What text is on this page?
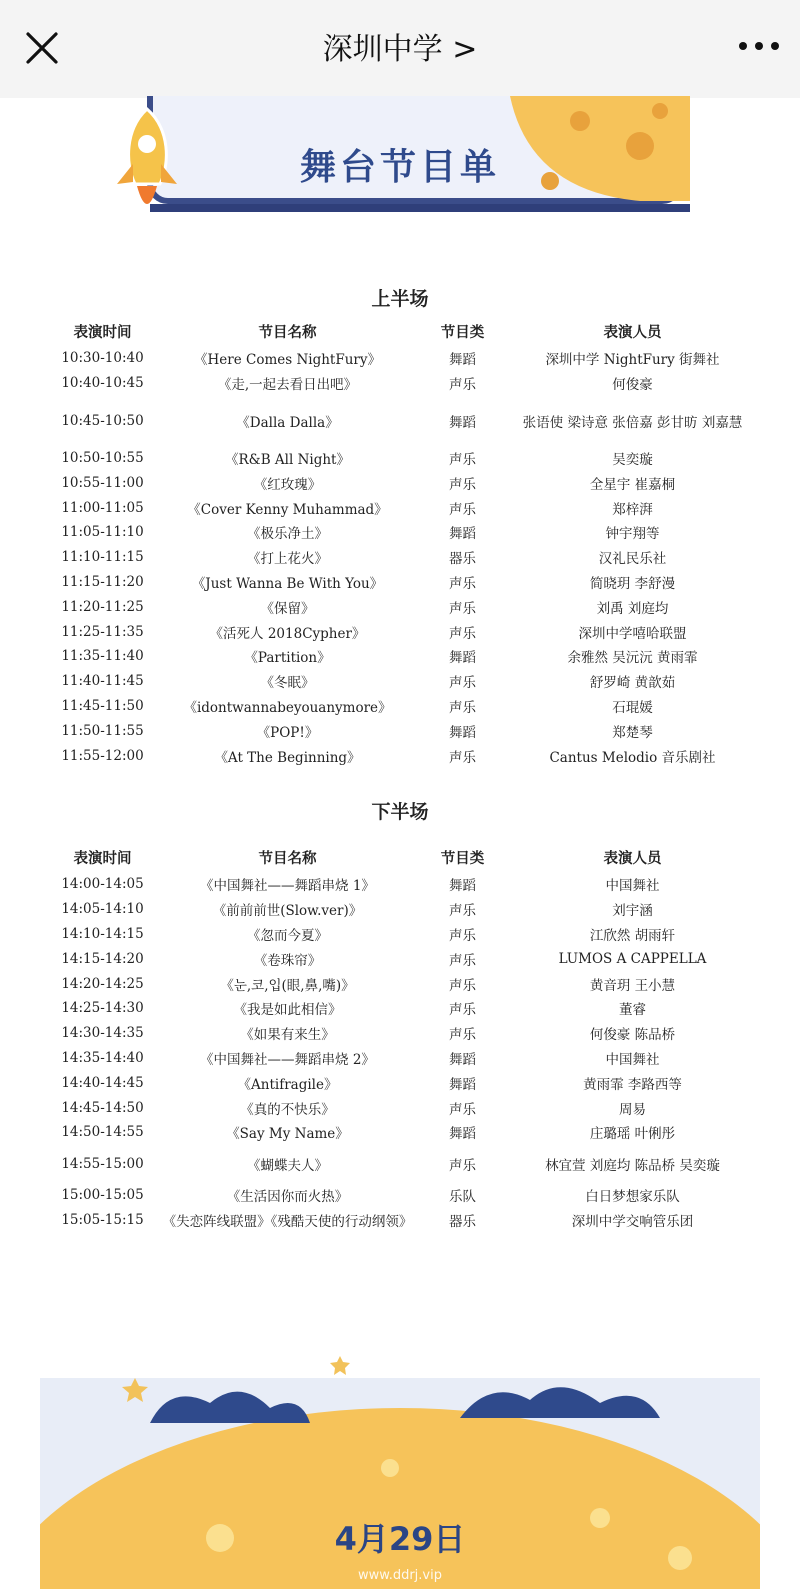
深圳中学 >
舞台节目单
上半场
表演时间	节目名称	节目类	表演人员
10:30-10:40	《Here Comes NightFury》	舞蹈	深圳中学 NightFury 街舞社
10:40-10:45	《走,一起去看日出吧》	声乐	何俊豪
10:45-10:50	《Dalla Dalla》	舞蹈	张语使 梁诗意 张倍嘉 彭甘昉 刘嘉慧
10:50-10:55	《R&B All Night》	声乐	吴奕璇
10:55-11:00	《红玫瑰》	声乐	全星宇 崔嘉桐
11:00-11:05	《Cover Kenny Muhammad》	声乐	郑梓湃
11:05-11:10	《极乐净土》	舞蹈	钟宇翔等
11:10-11:15	《打上花火》	器乐	汉礼民乐社
11:15-11:20	《Just Wanna Be With You》	声乐	简晓玥 李舒漫
11:20-11:25	《保留》	声乐	刘禹 刘庭均
11:25-11:35	《活死人 2018Cypher》	声乐	深圳中学嘻哈联盟
11:35-11:40	《Partition》	舞蹈	余雅然 吴沅沅 黄雨霏
11:40-11:45	《冬眠》	声乐	舒罗崎 黄歆茹
11:45-11:50	《idontwannabeyouanymore》	声乐	石琨媛
11:50-11:55	《POP!》	舞蹈	郑楚琴
11:55-12:00	《At The Beginning》	声乐	Cantus Melodio 音乐剧社
下半场
表演时间	节目名称	节目类	表演人员
14:00-14:05	《中国舞社——舞蹈串烧 1》	舞蹈	中国舞社
14:05-14:10	《前前前世(Slow.ver)》	声乐	刘宇涵
14:10-14:15	《忽而今夏》	声乐	江欣然 胡雨轩
14:15-14:20	《卷珠帘》	声乐	LUMOS A CAPPELLA
14:20-14:25	《눈,코,입(眼,鼻,嘴)》	声乐	黄音玥 王小慧
14:25-14:30	《我是如此相信》	声乐	董睿
14:30-14:35	《如果有来生》	声乐	何俊豪 陈品桥
14:35-14:40	《中国舞社——舞蹈串烧 2》	舞蹈	中国舞社
14:40-14:45	《Antifragile》	舞蹈	黄雨霏 李路西等
14:45-14:50	《真的不快乐》	声乐	周易
14:50-14:55	《Say My Name》	舞蹈	庄璐瑶 叶俐彤
14:55-15:00	《蝴蝶夫人》	声乐	林宜萱 刘庭均 陈品桥 吴奕璇
15:00-15:05	《生活因你而火热》	乐队	白日梦想家乐队
15:05-15:15	《失恋阵线联盟》《残酷天使的行动纲领》	器乐	深圳中学交响管乐团
4月29日
www.ddrj.vip
